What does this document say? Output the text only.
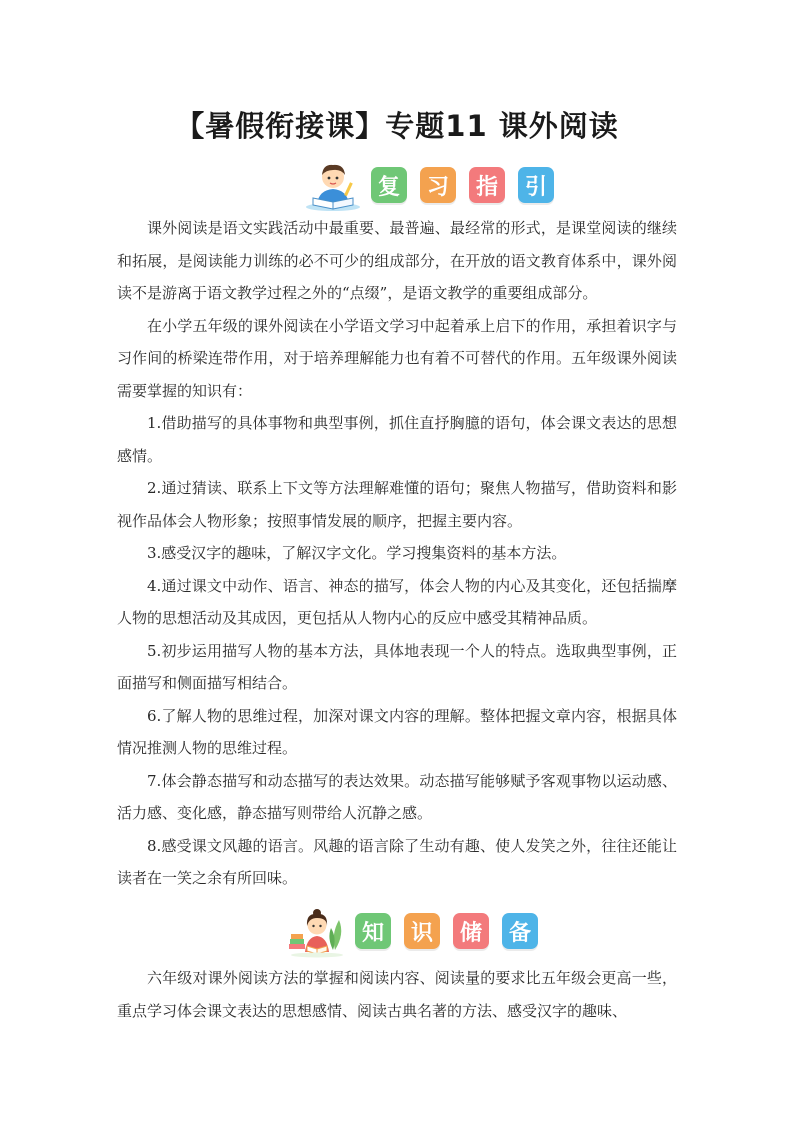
【暑假衔接课】专题11 课外阅读
复 习 指 引

课外阅读是语文实践活动中最重要、最普遍、最经常的形式，是课堂阅读的继续和拓展，是阅读能力训练的必不可少的组成部分，在开放的语文教育体系中，课外阅读不是游离于语文教学过程之外的“点缀”，是语文教学的重要组成部分。

在小学五年级的课外阅读在小学语文学习中起着承上启下的作用，承担着识字与习作间的桥梁连带作用，对于培养理解能力也有着不可替代的作用。五年级课外阅读需要掌握的知识有：

1.借助描写的具体事物和典型事例，抓住直抒胸臆的语句，体会课文表达的思想感情。

2.通过猜读、联系上下文等方法理解难懂的语句；聚焦人物描写，借助资料和影视作品体会人物形象；按照事情发展的顺序，把握主要内容。

3.感受汉字的趣味，了解汉字文化。学习搜集资料的基本方法。

4.通过课文中动作、语言、神态的描写，体会人物的内心及其变化，还包括揣摩人物的思想活动及其成因，更包括从人物内心的反应中感受其精神品质。

5.初步运用描写人物的基本方法，具体地表现一个人的特点。选取典型事例，正面描写和侧面描写相结合。

6.了解人物的思维过程，加深对课文内容的理解。整体把握文章内容，根据具体情况推测人物的思维过程。

7.体会静态描写和动态描写的表达效果。动态描写能够赋予客观事物以运动感、活力感、变化感，静态描写则带给人沉静之感。

8.感受课文风趣的语言。风趣的语言除了生动有趣、使人发笑之外，往往还能让读者在一笑之余有所回味。

知 识 储 备

六年级对课外阅读方法的掌握和阅读内容、阅读量的要求比五年级会更高一些，重点学习体会课文表达的思想感情、阅读古典名著的方法、感受汉字的趣味、
